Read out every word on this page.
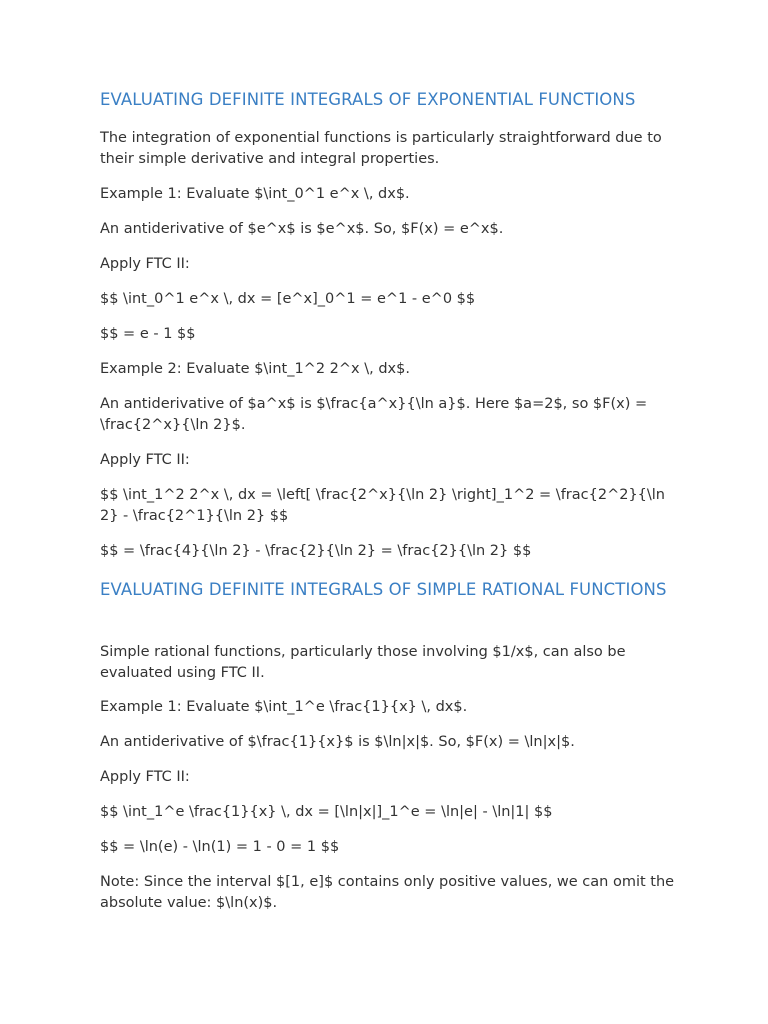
EVALUATING DEFINITE INTEGRALS OF EXPONENTIAL FUNCTIONS

The integration of exponential functions is particularly straightforward due to their simple derivative and integral properties.

Example 1: Evaluate $\int_0^1 e^x \, dx$.

An antiderivative of $e^x$ is $e^x$. So, $F(x) = e^x$.

Apply FTC II:

$$ \int_0^1 e^x \, dx = [e^x]_0^1 = e^1 - e^0 $$

$$ = e - 1 $$

Example 2: Evaluate $\int_1^2 2^x \, dx$.

An antiderivative of $a^x$ is $\frac{a^x}{\ln a}$. Here $a=2$, so $F(x) = \frac{2^x}{\ln 2}$.

Apply FTC II:

$$ \int_1^2 2^x \, dx = \left[ \frac{2^x}{\ln 2} \right]_1^2 = \frac{2^2}{\ln 2} - \frac{2^1}{\ln 2} $$

$$ = \frac{4}{\ln 2} - \frac{2}{\ln 2} = \frac{2}{\ln 2} $$

EVALUATING DEFINITE INTEGRALS OF SIMPLE RATIONAL FUNCTIONS

Simple rational functions, particularly those involving $1/x$, can also be evaluated using FTC II.

Example 1: Evaluate $\int_1^e \frac{1}{x} \, dx$.

An antiderivative of $\frac{1}{x}$ is $\ln|x|$. So, $F(x) = \ln|x|$.

Apply FTC II:

$$ \int_1^e \frac{1}{x} \, dx = [\ln|x|]_1^e = \ln|e| - \ln|1| $$

$$ = \ln(e) - \ln(1) = 1 - 0 = 1 $$

Note: Since the interval $[1, e]$ contains only positive values, we can omit the absolute value: $\ln(x)$.
